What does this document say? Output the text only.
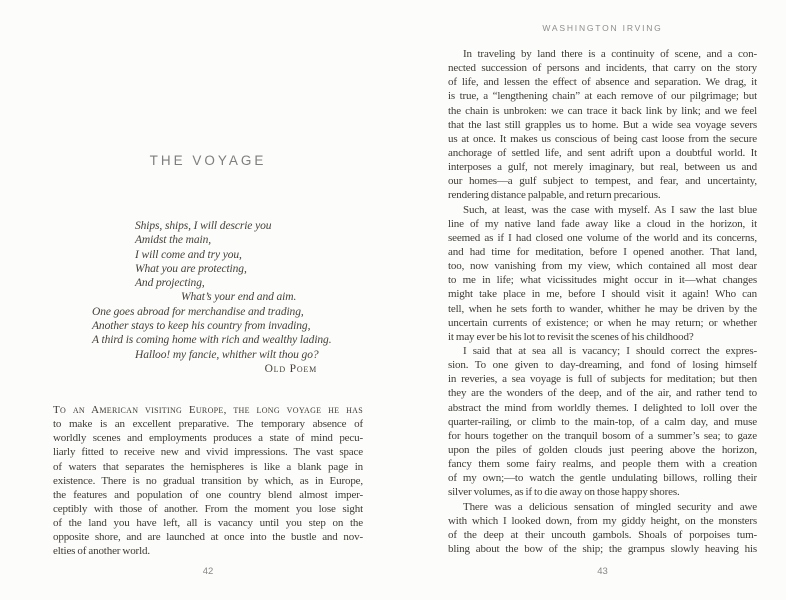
THE VOYAGE
Ships, ships, I will descrie you
Amidst the main,
I will come and try you,
What you are protecting,
And projecting,
What’s your end and aim.
One goes abroad for merchandise and trading,
Another stays to keep his country from invading,
A third is coming home with rich and wealthy lading.
Halloo! my fancie, whither wilt thou go?
Old Poem
To an American visiting Europe, the long voyage he has
to make is an excellent preparative. The temporary absence of
worldly scenes and employments produces a state of mind pecu-
liarly fitted to receive new and vivid impressions. The vast space
of waters that separates the hemispheres is like a blank page in
existence. There is no gradual transition by which, as in Europe,
the features and population of one country blend almost imper-
ceptibly with those of another. From the moment you lose sight
of the land you have left, all is vacancy until you step on the
opposite shore, and are launched at once into the bustle and nov-
elties of another world.
42
WASHINGTON IRVING
In traveling by land there is a continuity of scene, and a con-
nected succession of persons and incidents, that carry on the story
of life, and lessen the effect of absence and separation. We drag, it
is true, a “lengthening chain” at each remove of our pilgrimage; but
the chain is unbroken: we can trace it back link by link; and we feel
that the last still grapples us to home. But a wide sea voyage severs
us at once. It makes us conscious of being cast loose from the secure
anchorage of settled life, and sent adrift upon a doubtful world. It
interposes a gulf, not merely imaginary, but real, between us and
our homes—a gulf subject to tempest, and fear, and uncertainty,
rendering distance palpable, and return precarious.
Such, at least, was the case with myself. As I saw the last blue
line of my native land fade away like a cloud in the horizon, it
seemed as if I had closed one volume of the world and its concerns,
and had time for meditation, before I opened another. That land,
too, now vanishing from my view, which contained all most dear
to me in life; what vicissitudes might occur in it—what changes
might take place in me, before I should visit it again! Who can
tell, when he sets forth to wander, whither he may be driven by the
uncertain currents of existence; or when he may return; or whether
it may ever be his lot to revisit the scenes of his childhood?
I said that at sea all is vacancy; I should correct the expres-
sion. To one given to day-dreaming, and fond of losing himself
in reveries, a sea voyage is full of subjects for meditation; but then
they are the wonders of the deep, and of the air, and rather tend to
abstract the mind from worldly themes. I delighted to loll over the
quarter-railing, or climb to the main-top, of a calm day, and muse
for hours together on the tranquil bosom of a summer’s sea; to gaze
upon the piles of golden clouds just peering above the horizon,
fancy them some fairy realms, and people them with a creation
of my own;—to watch the gentle undulating billows, rolling their
silver volumes, as if to die away on those happy shores.
There was a delicious sensation of mingled security and awe
with which I looked down, from my giddy height, on the monsters
of the deep at their uncouth gambols. Shoals of porpoises tum-
bling about the bow of the ship; the grampus slowly heaving his
43
